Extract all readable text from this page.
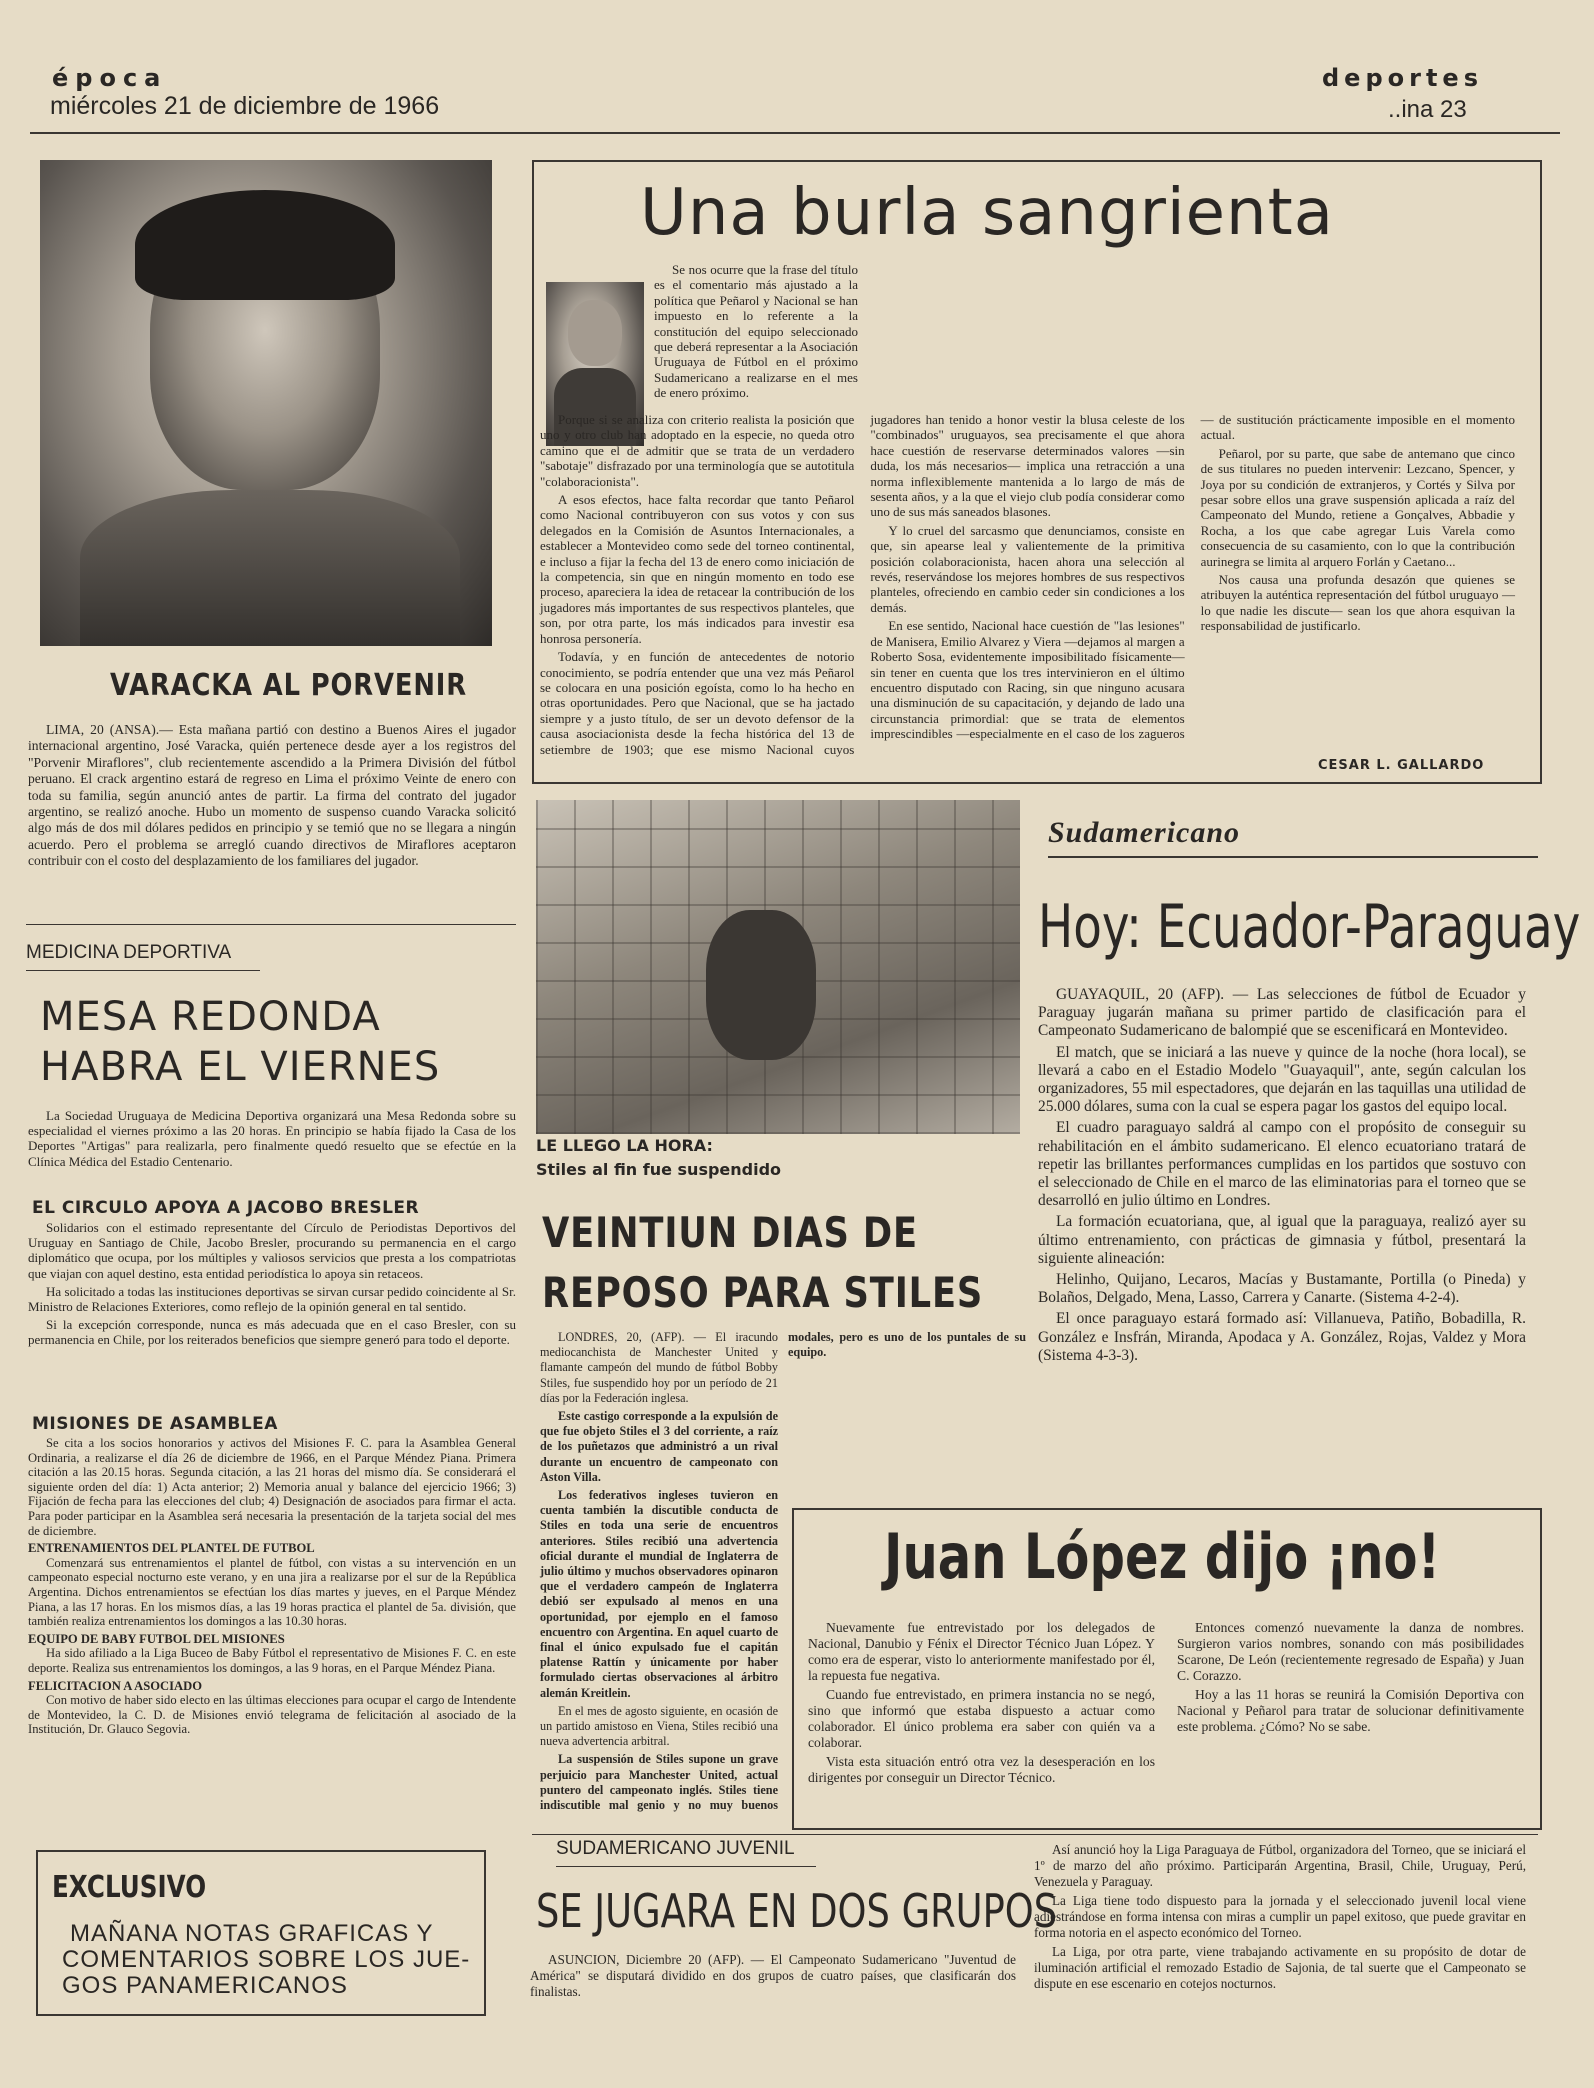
época
miércoles 21 de diciembre de 1966
deportes
..ina 23
VARACKA AL PORVENIR

LIMA, 20 (ANSA).— Esta mañana partió con destino a Buenos Aires el jugador internacional argentino, José Varacka, quién pertenece desde ayer a los registros del "Porvenir Miraflores", club recientemente ascendido a la Primera División del fútbol peruano. El crack argentino estará de regreso en Lima el próximo Veinte de enero con toda su familia, según anunció antes de partir. La firma del contrato del jugador argentino, se realizó anoche. Hubo un momento de suspenso cuando Varacka solicitó algo más de dos mil dólares pedidos en principio y se temió que no se llegara a ningún acuerdo. Pero el problema se arregló cuando directivos de Miraflores aceptaron contribuir con el costo del desplazamiento de los familiares del jugador.

MEDICINA DEPORTIVA
MESA REDONDA
HABRA EL VIERNES

La Sociedad Uruguaya de Medicina Deportiva organizará una Mesa Redonda sobre su especialidad el viernes próximo a las 20 horas. En principio se había fijado la Casa de los Deportes "Artigas" para realizarla, pero finalmente quedó resuelto que se efectúe en la Clínica Médica del Estadio Centenario.

EL CIRCULO APOYA A JACOBO BRESLER

Solidarios con el estimado representante del Círculo de Periodistas Deportivos del Uruguay en Santiago de Chile, Jacobo Bresler, procurando su permanencia en el cargo diplomático que ocupa, por los múltiples y valiosos servicios que presta a los compatriotas que viajan con aquel destino, esta entidad periodística lo apoya sin retaceos.

Ha solicitado a todas las instituciones deportivas se sirvan cursar pedido coincidente al Sr. Ministro de Relaciones Exteriores, como reflejo de la opinión general en tal sentido.

Si la excepción corresponde, nunca es más adecuada que en el caso Bresler, con su permanencia en Chile, por los reiterados beneficios que siempre generó para todo el deporte.

MISIONES DE ASAMBLEA

Se cita a los socios honorarios y activos del Misiones F. C. para la Asamblea General Ordinaria, a realizarse el día 26 de diciembre de 1966, en el Parque Méndez Piana. Primera citación a las 20.15 horas. Segunda citación, a las 21 horas del mismo día. Se considerará el siguiente orden del día: 1) Acta anterior; 2) Memoria anual y balance del ejercicio 1966; 3) Fijación de fecha para las elecciones del club; 4) Designación de asociados para firmar el acta. Para poder participar en la Asamblea será necesaria la presentación de la tarjeta social del mes de diciembre.

ENTRENAMIENTOS DEL PLANTEL DE FUTBOL

Comenzará sus entrenamientos el plantel de fútbol, con vistas a su intervención en un campeonato especial nocturno este verano, y en una jira a realizarse por el sur de la República Argentina. Dichos entrenamientos se efectúan los días martes y jueves, en el Parque Méndez Piana, a las 17 horas. En los mismos días, a las 19 horas practica el plantel de 5a. división, que también realiza entrenamientos los domingos a las 10.30 horas.

EQUIPO DE BABY FUTBOL DEL MISIONES

Ha sido afiliado a la Liga Buceo de Baby Fútbol el representativo de Misiones F. C. en este deporte. Realiza sus entrenamientos los domingos, a las 9 horas, en el Parque Méndez Piana.

FELICITACION A ASOCIADO

Con motivo de haber sido electo en las últimas elecciones para ocupar el cargo de Intendente de Montevideo, la C. D. de Misiones envió telegrama de felicitación al asociado de la Institución, Dr. Glauco Segovia.

EXCLUSIVO
MAÑANA NOTAS GRAFICAS Y
COMENTARIOS SOBRE LOS JUE-
GOS PANAMERICANOS
Una burla sangrienta

Se nos ocurre que la frase del título es el comentario más ajustado a la política que Peñarol y Nacional se han impuesto en lo referente a la constitución del equipo seleccionado que deberá representar a la Asociación Uruguaya de Fútbol en el próximo Sudamericano a realizarse en el mes de enero próximo.

Porque si se analiza con criterio realista la posición que uno y otro club han adoptado en la especie, no queda otro camino que el de admitir que se trata de un verdadero "sabotaje" disfrazado por una terminología que se autotitula "colaboracionista".

A esos efectos, hace falta recordar que tanto Peñarol como Nacional contribuyeron con sus votos y con sus delegados en la Comisión de Asuntos Internacionales, a establecer a Montevideo como sede del torneo continental, e incluso a fijar la fecha del 13 de enero como iniciación de la competencia, sin que en ningún momento en todo ese proceso, apareciera la idea de retacear la contribución de los jugadores más importantes de sus respectivos planteles, que son, por otra parte, los más indicados para investir esa honrosa personería.

Todavía, y en función de antecedentes de notorio conocimiento, se podría entender que una vez más Peñarol se colocara en una posición egoísta, como lo ha hecho en otras oportunidades. Pero que Nacional, que se ha jactado siempre y a justo título, de ser un devoto defensor de la causa asociacionista desde la fecha histórica del 13 de setiembre de 1903; que ese mismo Nacional cuyos jugadores han tenido a honor vestir la blusa celeste de los "combinados" uruguayos, sea precisamente el que ahora hace cuestión de reservarse determinados valores —sin duda, los más necesarios— implica una retracción a una norma inflexiblemente mantenida a lo largo de más de sesenta años, y a la que el viejo club podía considerar como uno de sus más saneados blasones.

Y lo cruel del sarcasmo que denunciamos, consiste en que, sin apearse leal y valientemente de la primitiva posición colaboracionista, hacen ahora una selección al revés, reservándose los mejores hombres de sus respectivos planteles, ofreciendo en cambio ceder sin condiciones a los demás.

En ese sentido, Nacional hace cuestión de "las lesiones" de Manisera, Emilio Alvarez y Viera —dejamos al margen a Roberto Sosa, evidentemente imposibilitado físicamente— sin tener en cuenta que los tres intervinieron en el último encuentro disputado con Racing, sin que ninguno acusara una disminución de su capacitación, y dejando de lado una circunstancia primordial: que se trata de elementos imprescindibles —especialmente en el caso de los zagueros— de sustitución prácticamente imposible en el momento actual.

Peñarol, por su parte, que sabe de antemano que cinco de sus titulares no pueden intervenir: Lezcano, Spencer, y Joya por su condición de extranjeros, y Cortés y Silva por pesar sobre ellos una grave suspensión aplicada a raíz del Campeonato del Mundo, retiene a Gonçalves, Abbadie y Rocha, a los que cabe agregar Luis Varela como consecuencia de su casamiento, con lo que la contribución aurinegra se limita al arquero Forlán y Caetano...

Nos causa una profunda desazón que quienes se atribuyen la auténtica representación del fútbol uruguayo —lo que nadie les discute— sean los que ahora esquivan la responsabilidad de justificarlo.

CESAR L. GALLARDO
LE LLEGO LA HORA:
Stiles al fin fue suspendido
VEINTIUN DIAS DE
REPOSO PARA STILES

LONDRES, 20, (AFP). — El iracundo mediocanchista de Manchester United y flamante campeón del mundo de fútbol Bobby Stiles, fue suspendido hoy por un período de 21 días por la Federación inglesa.

Este castigo corresponde a la expulsión de que fue objeto Stiles el 3 del corriente, a raíz de los puñetazos que administró a un rival durante un encuentro de campeonato con Aston Villa.

Los federativos ingleses tuvieron en cuenta también la discutible conducta de Stiles en toda una serie de encuentros anteriores. Stiles recibió una advertencia oficial durante el mundial de Inglaterra de julio último y muchos observadores opinaron que el verdadero campeón de Inglaterra debió ser expulsado al menos en una oportunidad, por ejemplo en el famoso encuentro con Argentina. En aquel cuarto de final el único expulsado fue el capitán platense Rattín y únicamente por haber formulado ciertas observaciones al árbitro alemán Kreitlein.

En el mes de agosto siguiente, en ocasión de un partido amistoso en Viena, Stiles recibió una nueva advertencia arbitral.

La suspensión de Stiles supone un grave perjuicio para Manchester United, actual puntero del campeonato inglés. Stiles tiene indiscutible mal genio y no muy buenos modales, pero es uno de los puntales de su equipo.

Sudamericano
Hoy: Ecuador-Paraguay

GUAYAQUIL, 20 (AFP). — Las selecciones de fútbol de Ecuador y Paraguay jugarán mañana su primer partido de clasificación para el Campeonato Sudamericano de balompié que se escenificará en Montevideo.

El match, que se iniciará a las nueve y quince de la noche (hora local), se llevará a cabo en el Estadio Modelo "Guayaquil", ante, según calculan los organizadores, 55 mil espectadores, que dejarán en las taquillas una utilidad de 25.000 dólares, suma con la cual se espera pagar los gastos del equipo local.

El cuadro paraguayo saldrá al campo con el propósito de conseguir su rehabilitación en el ámbito sudamericano. El elenco ecuatoriano tratará de repetir las brillantes performances cumplidas en los partidos que sostuvo con el seleccionado de Chile en el marco de las eliminatorias para el torneo que se desarrolló en julio último en Londres.

La formación ecuatoriana, que, al igual que la paraguaya, realizó ayer su último entrenamiento, con prácticas de gimnasia y fútbol, presentará la siguiente alineación:

Helinho, Quijano, Lecaros, Macías y Bustamante, Portilla (o Pineda) y Bolaños, Delgado, Mena, Lasso, Carrera y Canarte. (Sistema 4-2-4).

El once paraguayo estará formado así: Villanueva, Patiño, Bobadilla, R. González e Insfrán, Miranda, Apodaca y A. González, Rojas, Valdez y Mora (Sistema 4-3-3).

Juan López dijo ¡no!

Nuevamente fue entrevistado por los delegados de Nacional, Danubio y Fénix el Director Técnico Juan López. Y como era de esperar, visto lo anteriormente manifestado por él, la repuesta fue negativa.

Cuando fue entrevistado, en primera instancia no se negó, sino que informó que estaba dispuesto a actuar como colaborador. El único problema era saber con quién va a colaborar.

Vista esta situación entró otra vez la desesperación en los dirigentes por conseguir un Director Técnico.

Entonces comenzó nuevamente la danza de nombres. Surgieron varios nombres, sonando con más posibilidades Scarone, De León (recientemente regresado de España) y Juan C. Corazzo.

Hoy a las 11 horas se reunirá la Comisión Deportiva con Nacional y Peñarol para tratar de solucionar definitivamente este problema. ¿Cómo? No se sabe.

SUDAMERICANO JUVENIL
SE JUGARA EN DOS GRUPOS

ASUNCION, Diciembre 20 (AFP). — El Campeonato Sudamericano "Juventud de América" se disputará dividido en dos grupos de cuatro países, que clasificarán dos finalistas.

Así anunció hoy la Liga Paraguaya de Fútbol, organizadora del Torneo, que se iniciará el 1º de marzo del año próximo. Participarán Argentina, Brasil, Chile, Uruguay, Perú, Venezuela y Paraguay.

La Liga tiene todo dispuesto para la jornada y el seleccionado juvenil local viene adiestrándose en forma intensa con miras a cumplir un papel exitoso, que puede gravitar en forma notoria en el aspecto económico del Torneo.

La Liga, por otra parte, viene trabajando activamente en su propósito de dotar de iluminación artificial el remozado Estadio de Sajonia, de tal suerte que el Campeonato se dispute en ese escenario en cotejos nocturnos.
